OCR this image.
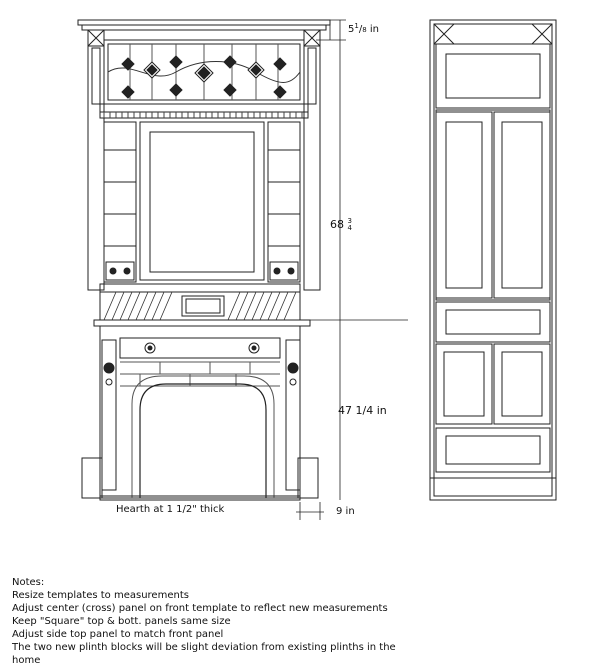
$5^1/8$ in
68 3
4
47 1/4 in
9 in
Hearth at 1 1/2" thick
Notes:
Resize templates to measurements
Adjust center (cross) panel on front template to reflect new measurements
Keep "Square" top & bott. panels same size
Adjust side top panel to match front panel
The two new plinth blocks will be slight deviation from existing plinths in the
home
